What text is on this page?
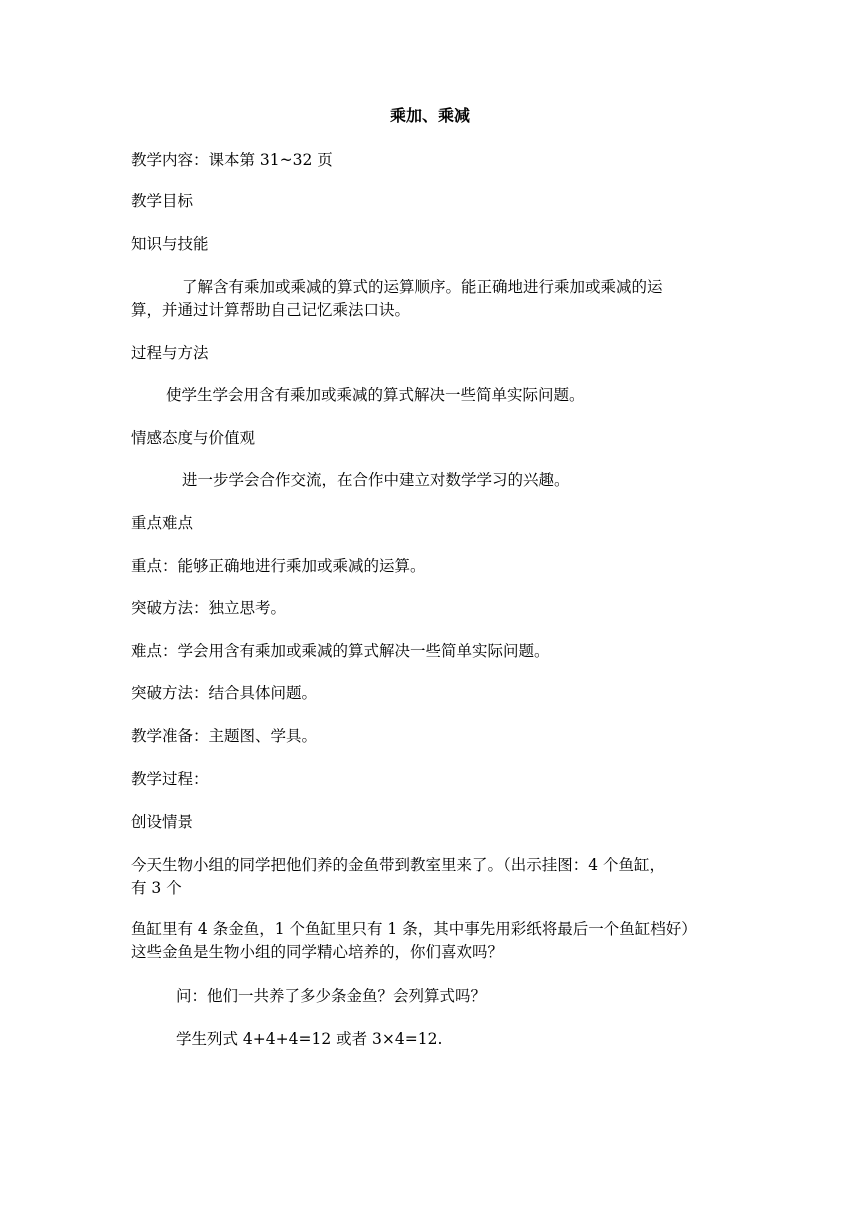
乘加、乘减
教学内容：课本第 31~32 页
教学目标
知识与技能
了解含有乘加或乘减的算式的运算顺序。能正确地进行乘加或乘减的运
算，并通过计算帮助自己记忆乘法口诀。
过程与方法
使学生学会用含有乘加或乘减的算式解决一些简单实际问题。
情感态度与价值观
进一步学会合作交流，在合作中建立对数学学习的兴趣。
重点难点
重点：能够正确地进行乘加或乘减的运算。
突破方法：独立思考。
难点：学会用含有乘加或乘减的算式解决一些简单实际问题。
突破方法：结合具体问题。
教学准备：主题图、学具。
教学过程：
创设情景
今天生物小组的同学把他们养的金鱼带到教室里来了。（出示挂图：4 个鱼缸，
有 3 个
鱼缸里有 4 条金鱼，1 个鱼缸里只有 1 条，其中事先用彩纸将最后一个鱼缸档好）
这些金鱼是生物小组的同学精心培养的，你们喜欢吗？
问：他们一共养了多少条金鱼？会列算式吗？
学生列式 4+4+4=12 或者 3×4=12.
